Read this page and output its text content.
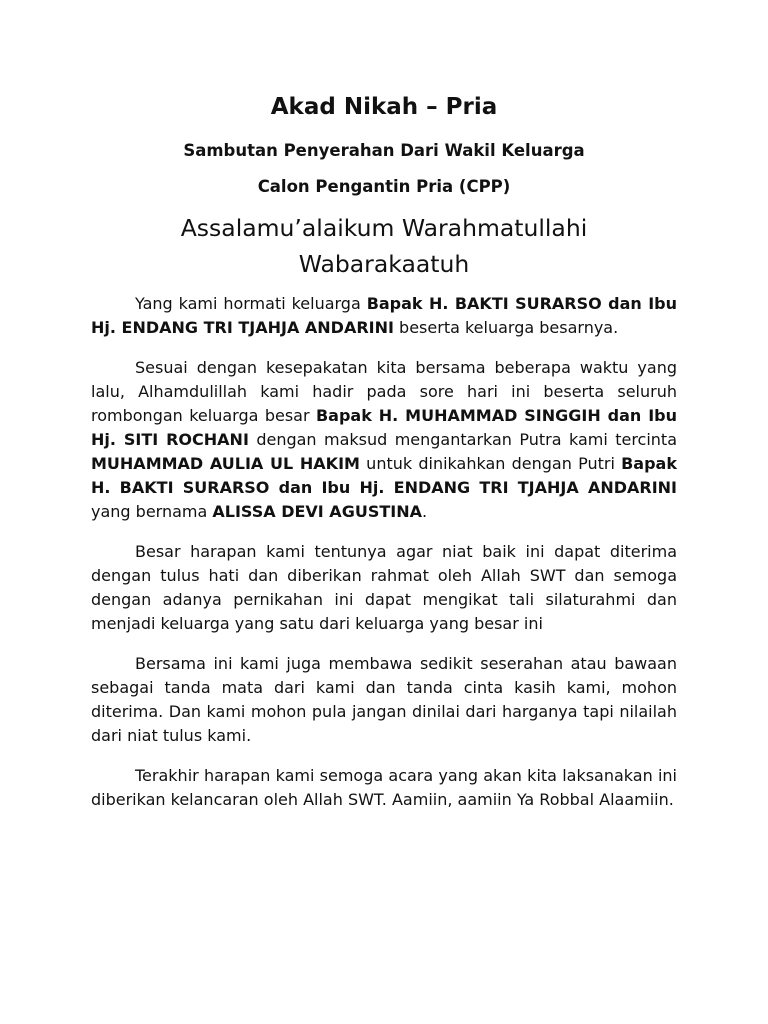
Akad Nikah – Pria

Sambutan Penyerahan Dari Wakil Keluarga

Calon Pengantin Pria (CPP)

Assalamu’alaikum Warahmatullahi Wabarakaatuh

Yang kami hormati keluarga Bapak H. BAKTI SURARSO dan Ibu Hj. ENDANG TRI TJAHJA ANDARINI beserta keluarga besarnya.

Sesuai dengan kesepakatan kita bersama beberapa waktu yang lalu, Alhamdulillah kami hadir pada sore hari ini beserta seluruh rombongan keluarga besar Bapak H. MUHAMMAD SINGGIH dan Ibu Hj. SITI ROCHANI dengan maksud mengantarkan Putra kami tercinta MUHAMMAD AULIA UL HAKIM untuk dinikahkan dengan Putri Bapak H. BAKTI SURARSO dan Ibu Hj. ENDANG TRI TJAHJA ANDARINI yang bernama ALISSA DEVI AGUSTINA.

Besar harapan kami tentunya agar niat baik ini dapat diterima dengan tulus hati dan diberikan rahmat oleh Allah SWT dan semoga dengan adanya pernikahan ini dapat mengikat tali silaturahmi dan menjadi keluarga yang satu dari keluarga yang besar ini

Bersama ini kami juga membawa sedikit seserahan atau bawaan sebagai tanda mata dari kami dan tanda cinta kasih kami, mohon diterima. Dan kami mohon pula jangan dinilai dari harganya tapi nilailah dari niat tulus kami.

Terakhir harapan kami semoga acara yang akan kita laksanakan ini diberikan kelancaran oleh Allah SWT. Aamiin, aamiin Ya Robbal Alaamiin.
